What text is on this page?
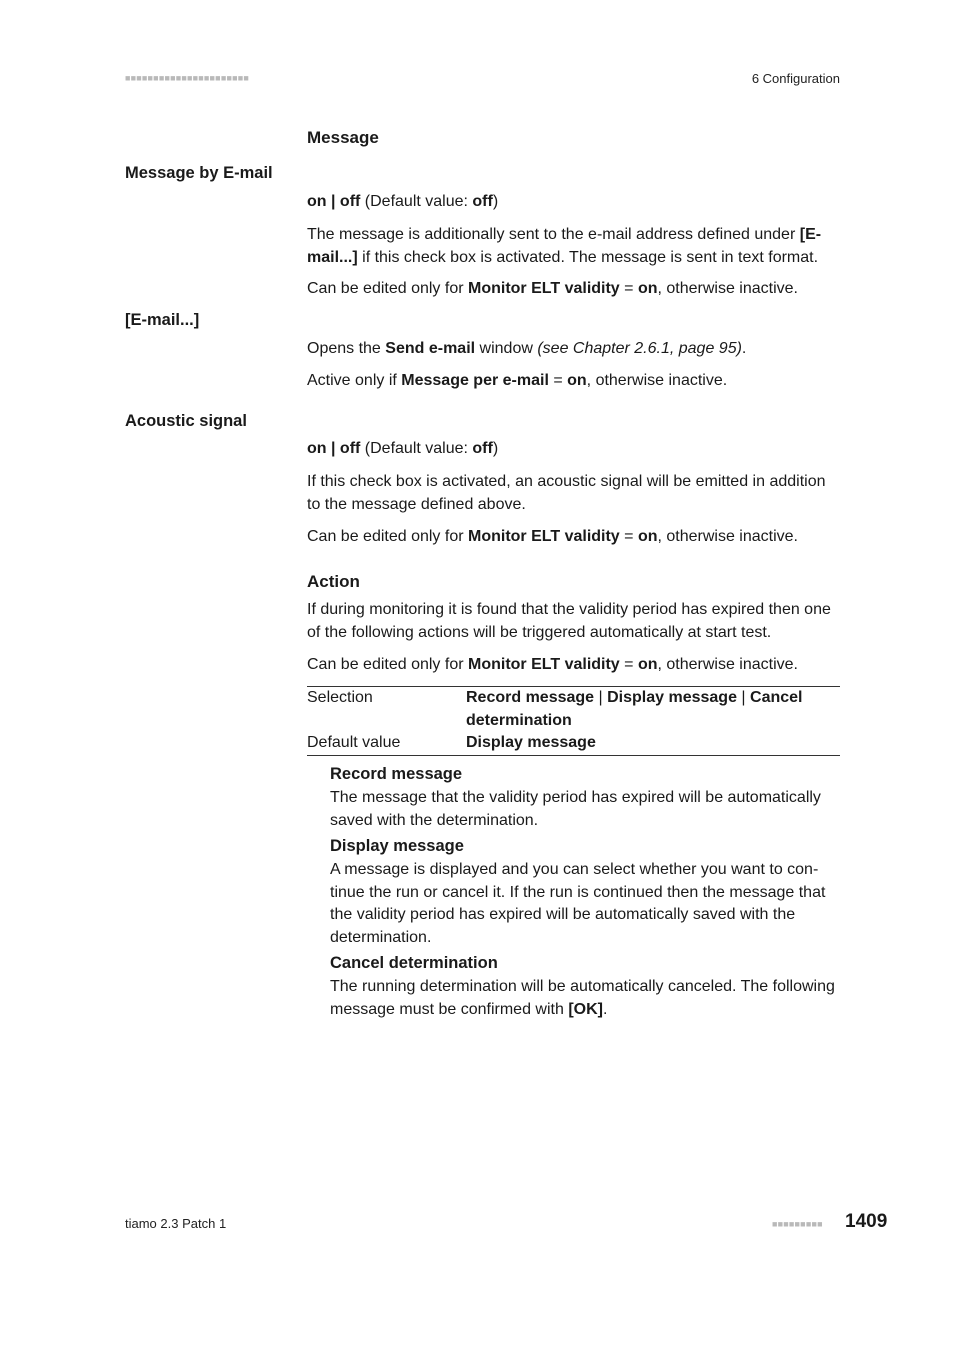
■■■■■■■■■■■■■■■■■■■■■■	6 Configuration
Message
Message by E-mail
on | off (Default value: off)
The message is additionally sent to the e-mail address defined under [E-mail...] if this check box is activated. The message is sent in text format.
Can be edited only for Monitor ELT validity = on, otherwise inactive.
[E-mail...]
Opens the Send e-mail window (see Chapter 2.6.1, page 95).
Active only if Message per e-mail = on, otherwise inactive.
Acoustic signal
on | off (Default value: off)
If this check box is activated, an acoustic signal will be emitted in addition to the message defined above.
Can be edited only for Monitor ELT validity = on, otherwise inactive.
Action
If during monitoring it is found that the validity period has expired then one of the following actions will be triggered automatically at start test.
Can be edited only for Monitor ELT validity = on, otherwise inactive.
Selection	Record message | Display message | Cancel determination
Default value	Display message
Record message
The message that the validity period has expired will be automatically saved with the determination.
Display message
A message is displayed and you can select whether you want to continue the run or cancel it. If the run is continued then the message that the validity period has expired will be automatically saved with the determination.
Cancel determination
The running determination will be automatically canceled. The following message must be confirmed with [OK].
tiamo 2.3 Patch 1	■■■■■■■■■ 1409
